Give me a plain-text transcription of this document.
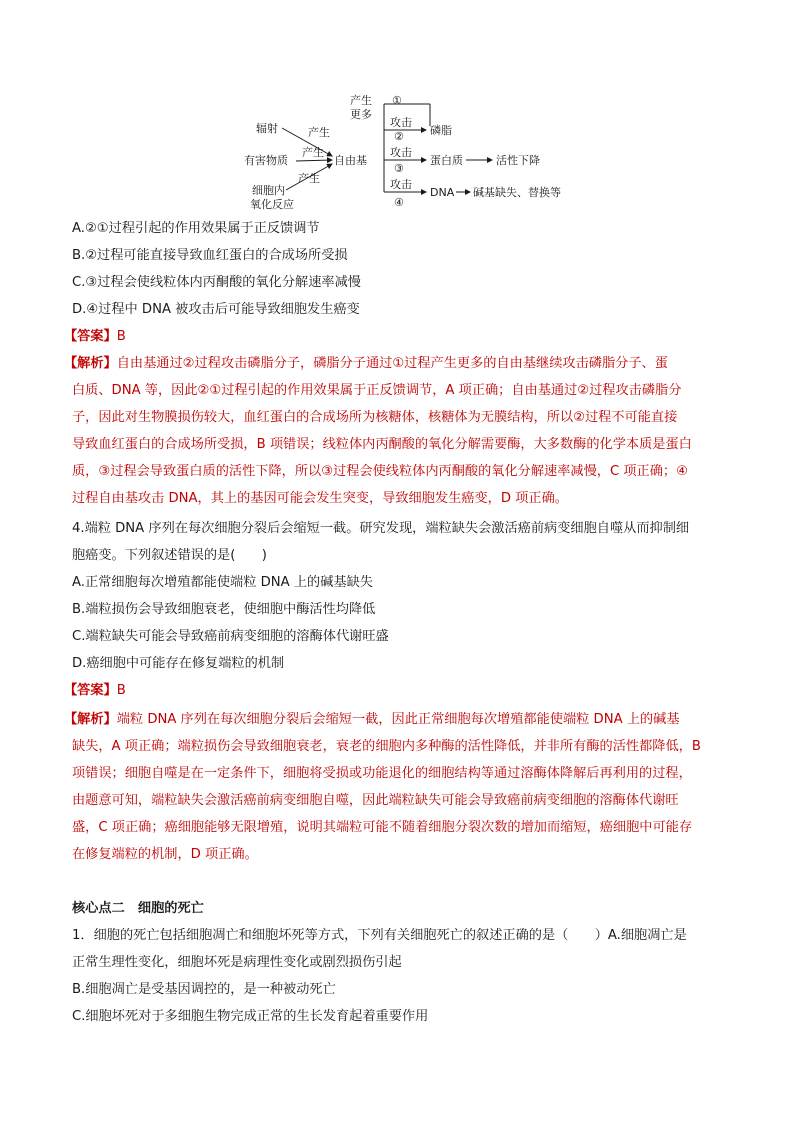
辐射
有害物质
细胞内
氧化反应
产生
产生
产生
自由基
产生
更多
①
攻击
② 磷脂
攻击
③
蛋白质	活性下降
攻击
④
DNA 碱基缺失、替换等
A.②①过程引起的作用效果属于正反馈调节
B.②过程可能直接导致血红蛋白的合成场所受损
C.③过程会使线粒体内丙酮酸的氧化分解速率减慢
D.④过程中 DNA 被攻击后可能导致细胞发生癌变
【答案】B
【解析】自由基通过②过程攻击磷脂分子，磷脂分子通过①过程产生更多的自由基继续攻击磷脂分子、蛋
白质、DNA 等，因此②①过程引起的作用效果属于正反馈调节，A 项正确；自由基通过②过程攻击磷脂分
子，因此对生物膜损伤较大，血红蛋白的合成场所为核糖体，核糖体为无膜结构，所以②过程不可能直接
导致血红蛋白的合成场所受损，B 项错误；线粒体内丙酮酸的氧化分解需要酶，大多数酶的化学本质是蛋白
质，③过程会导致蛋白质的活性下降，所以③过程会使线粒体内丙酮酸的氧化分解速率减慢，C 项正确；④
过程自由基攻击 DNA，其上的基因可能会发生突变，导致细胞发生癌变，D 项正确。
4.端粒 DNA 序列在每次细胞分裂后会缩短一截。研究发现，端粒缺失会激活癌前病变细胞自噬从而抑制细
胞癌变。下列叙述错误的是(　　)
A.正常细胞每次增殖都能使端粒 DNA 上的碱基缺失
B.端粒损伤会导致细胞衰老，使细胞中酶活性均降低
C.端粒缺失可能会导致癌前病变细胞的溶酶体代谢旺盛
D.癌细胞中可能存在修复端粒的机制
【答案】B
【解析】端粒 DNA 序列在每次细胞分裂后会缩短一截，因此正常细胞每次增殖都能使端粒 DNA 上的碱基
缺失，A 项正确；端粒损伤会导致细胞衰老，衰老的细胞内多种酶的活性降低，并非所有酶的活性都降低，B
项错误；细胞自噬是在一定条件下，细胞将受损或功能退化的细胞结构等通过溶酶体降解后再利用的过程，
由题意可知，端粒缺失会激活癌前病变细胞自噬，因此端粒缺失可能会导致癌前病变细胞的溶酶体代谢旺
盛，C 项正确；癌细胞能够无限增殖，说明其端粒可能不随着细胞分裂次数的增加而缩短，癌细胞中可能存
在修复端粒的机制，D 项正确。
核心点二　细胞的死亡
1．细胞的死亡包括细胞凋亡和细胞坏死等方式，下列有关细胞死亡的叙述正确的是（　　）A.细胞凋亡是
正常生理性变化，细胞坏死是病理性变化或剧烈损伤引起
B.细胞凋亡是受基因调控的，是一种被动死亡
C.细胞坏死对于多细胞生物完成正常的生长发育起着重要作用
